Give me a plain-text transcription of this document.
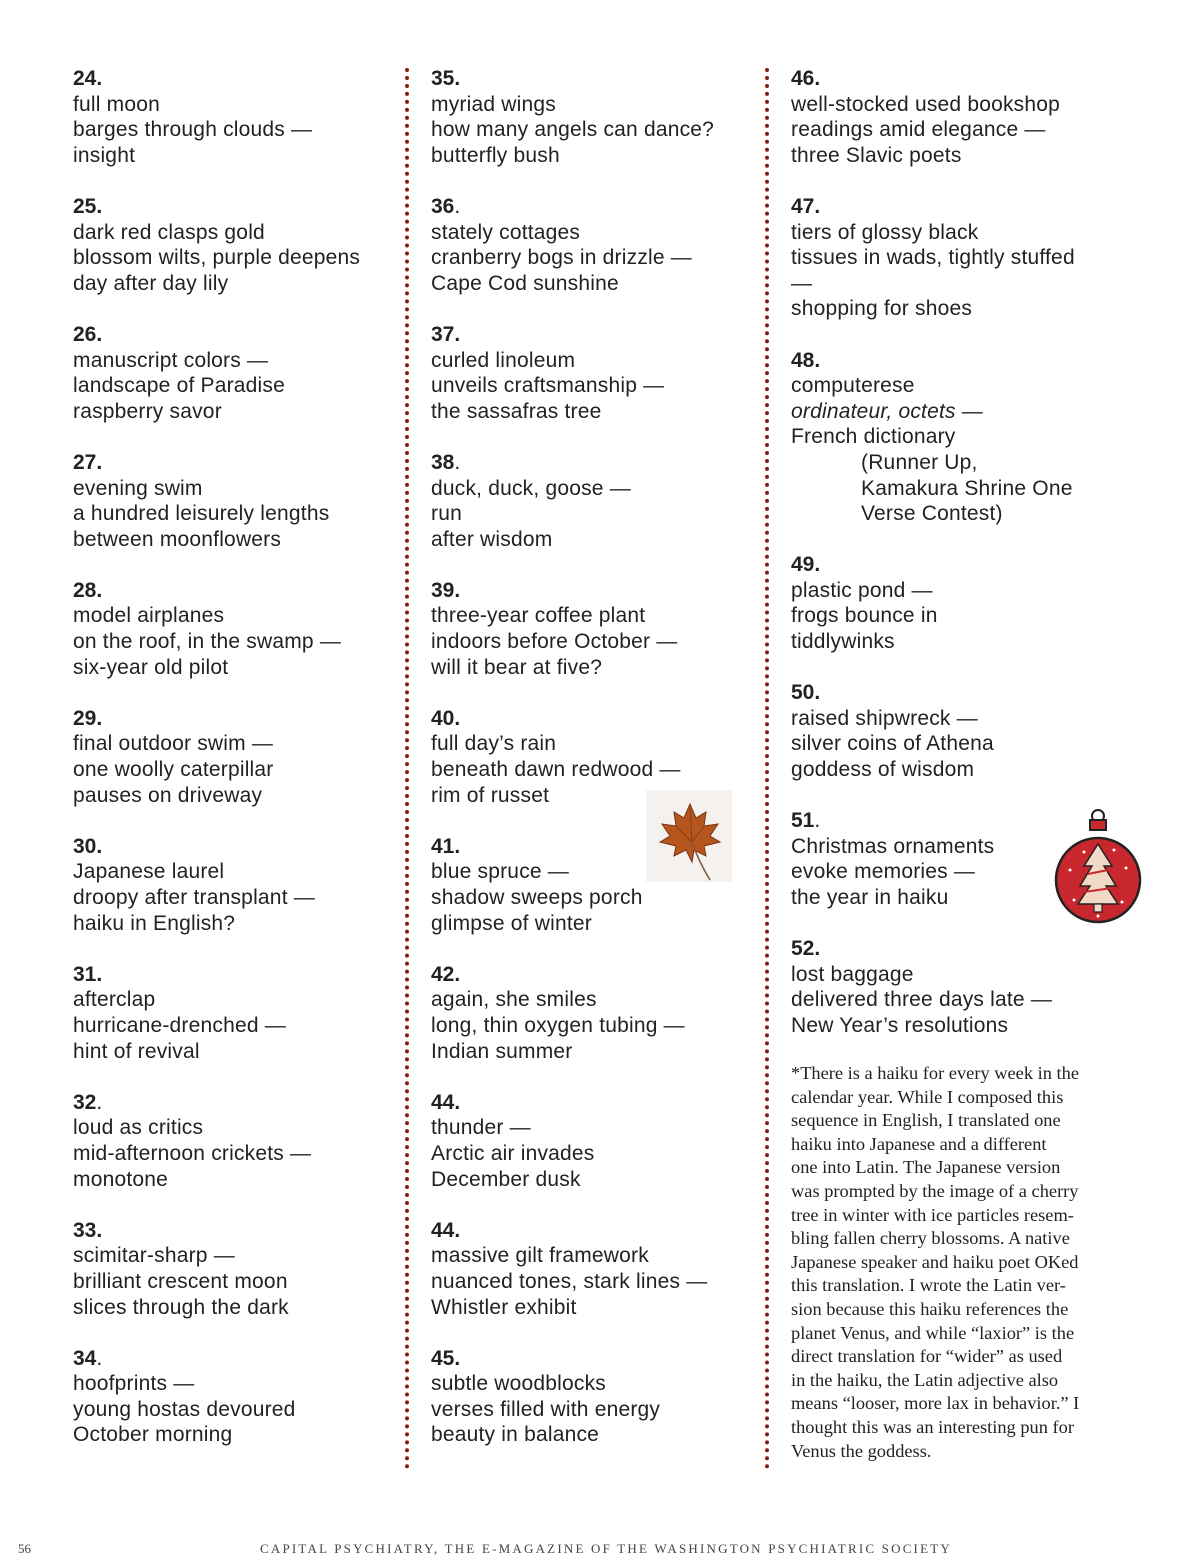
24.
full moon
barges through clouds —
insight
25.
dark red clasps gold
blossom wilts, purple deepens
day after day lily
26.
manuscript colors —
landscape of Paradise
raspberry savor
27.
evening swim
a hundred leisurely lengths
between moonflowers
28.
model airplanes
on the roof, in the swamp —
six-year old pilot
29.
final outdoor swim —
one woolly caterpillar
pauses on driveway
30.
Japanese laurel
droopy after transplant —
haiku in English?
31.
afterclap
hurricane-drenched —
hint of revival
32.
loud as critics
mid-afternoon crickets —
monotone
33.
scimitar-sharp —
brilliant crescent moon
slices through the dark
34.
hoofprints —
young hostas devoured
October morning
35.
myriad wings
how many angels can dance?
butterfly bush
36.
stately cottages
cranberry bogs in drizzle —
Cape Cod sunshine
37.
curled linoleum
unveils craftsmanship —
the sassafras tree
38.
duck, duck, goose —
run
after wisdom
39.
three-year coffee plant
indoors before October —
will it bear at five?
40.
full day’s rain
beneath dawn redwood —
rim of russet
41.
blue spruce —
shadow sweeps porch
glimpse of winter
42.
again, she smiles
long, thin oxygen tubing —
Indian summer
44.
thunder —
Arctic air invades
December dusk
44.
massive gilt framework
nuanced tones, stark lines —
Whistler exhibit
45.
subtle woodblocks
verses filled with energy
beauty in balance
46.
well-stocked used bookshop
readings amid elegance —
three Slavic poets
47.
tiers of glossy black
tissues in wads, tightly stuffed
—
shopping for shoes
48.
computerese
ordinateur, octets —
French dictionary
(Runner Up,
Kamakura Shrine One
Verse Contest)
49.
plastic pond —
frogs bounce in
tiddlywinks
50.
raised shipwreck —
silver coins of Athena
goddess of wisdom
51.
Christmas ornaments
evoke memories —
the year in haiku
52.
lost baggage
delivered three days late —
New Year’s resolutions
*There is a haiku for every week in the
calendar year. While I composed this
sequence in English, I translated one
haiku into Japanese and a different
one into Latin. The Japanese version
was prompted by the image of a cherry
tree in winter with ice particles resem-
bling fallen cherry blossoms. A native
Japanese speaker and haiku poet OKed
this translation. I wrote the Latin ver-
sion because this haiku references the
planet Venus, and while “laxior” is the
direct translation for “wider” as used
in the haiku, the Latin adjective also
means “looser, more lax in behavior.” I
thought this was an interesting pun for
Venus the goddess.
56	CAPITAL PSYCHIATRY, THE E-MAGAZINE OF THE WASHINGTON PSYCHIATRIC SOCIETY
